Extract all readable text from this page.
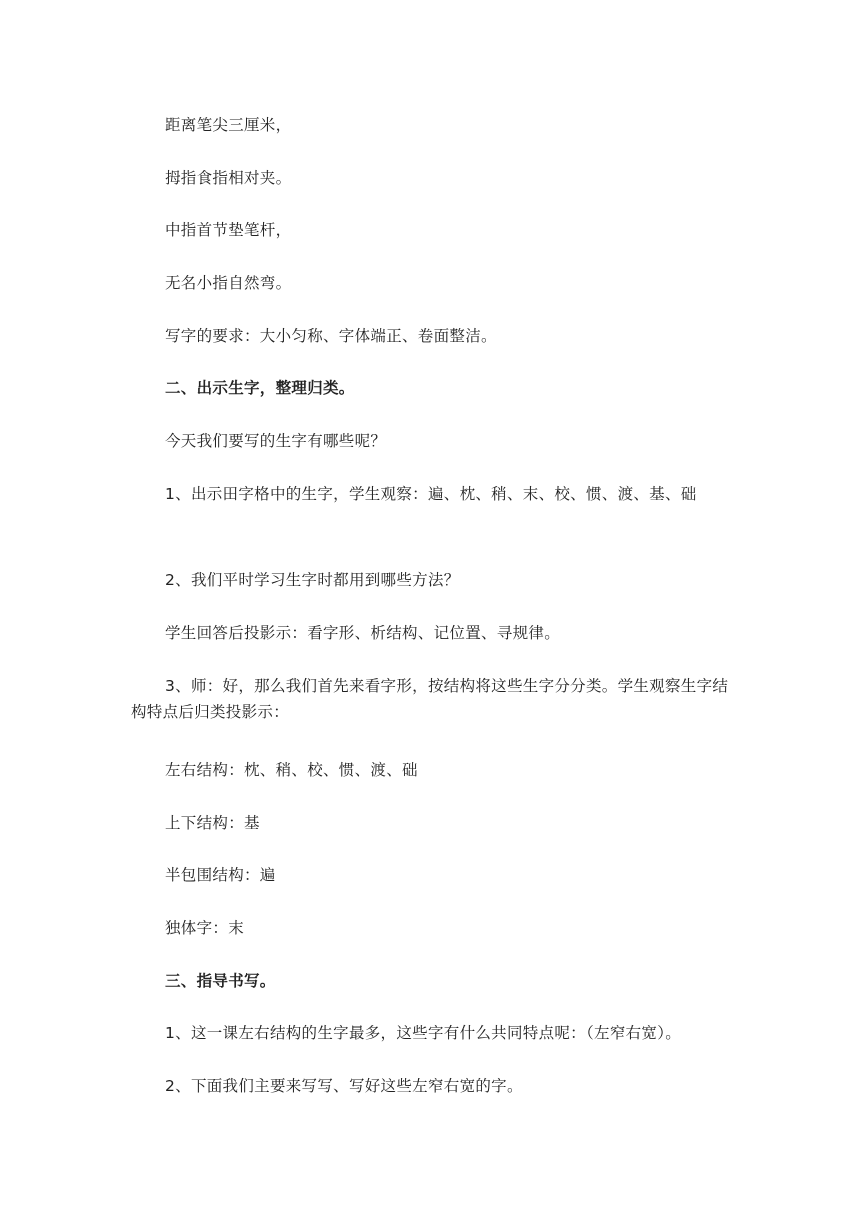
距离笔尖三厘米，

拇指食指相对夹。

中指首节垫笔杆，

无名小指自然弯。

写字的要求：大小匀称、字体端正、卷面整洁。

二、出示生字，整理归类。

今天我们要写的生字有哪些呢？

1、出示田字格中的生字，学生观察：遍、枕、稍、末、校、惯、渡、基、础

2、我们平时学习生字时都用到哪些方法？

学生回答后投影示：看字形、析结构、记位置、寻规律。

3、师：好，那么我们首先来看字形，按结构将这些生字分分类。学生观察生字结构特点后归类投影示：

左右结构：枕、稍、校、惯、渡、础

上下结构：基

半包围结构：遍

独体字：末

三、指导书写。

1、这一课左右结构的生字最多，这些字有什么共同特点呢：（左窄右宽）。

2、下面我们主要来写写、写好这些左窄右宽的字。
